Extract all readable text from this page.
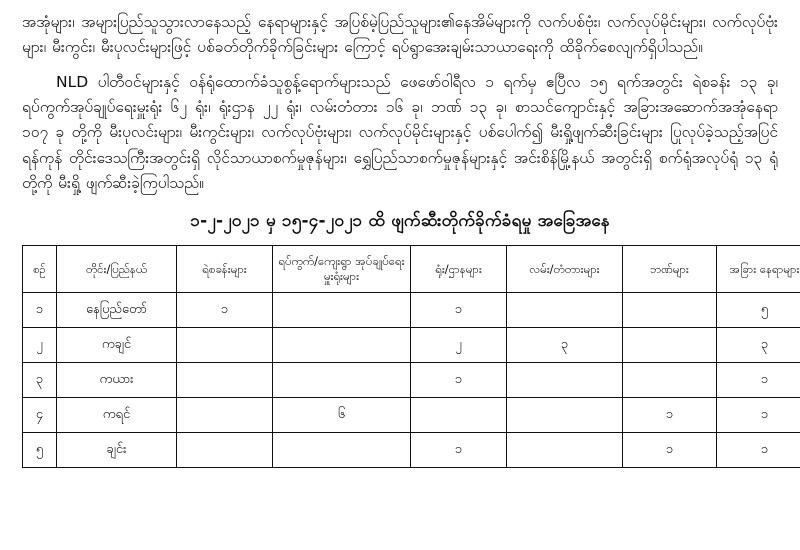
အအုံများ၊ အများပြည်သူသွားလာနေသည့် နေရာများနှင့် အပြစ်မဲ့ပြည်သူများ၏နေအိမ်များကို လက်ပစ်ဗုံး၊ လက်လုပ်မိုင်းများ၊ လက်လုပ်ဗုံးများ၊ မီးကွင်း၊ မီးပုလင်းများဖြင့် ပစ်ခတ်တိုက်ခိုက်ခြင်းများ ကြောင့် ရပ်ရွာအေးချမ်းသာယာရေးကို ထိခိုက်စေလျက်ရှိပါသည်။

NLD ပါတီဝင်များနှင့် ဝန်ရုံထောက်ခံသူစွန့်ရောက်များသည် ဖေဖော်ဝါရီလ ၁ ရက်မှ ဧပြီလ ၁၅ ရက်အတွင်း ရဲစခန်း ၁၃ ခု၊ ရပ်ကွက်အုပ်ချုပ်ရေးမှူးရုံး ၆၂ ရုံး၊ ရုံးဌာန ၂၂ ရုံး၊ လမ်းတံတား ၁၆ ခု၊ ဘဏ် ၁၃ ခု၊ စာသင်ကျောင်းနှင့် အခြားအဆောက်အအုံနေရာ ၁၀၇ ခု တို့ကို မီးပုလင်းများ၊ မီးကွင်းများ၊ လက်လုပ်ဗုံးများ၊ လက်လုပ်မိုင်းများနှင့် ပစ်ပေါက်၍ မီးရှို့ဖျက်ဆီးခြင်းများ ပြုလုပ်ခဲ့သည့်အပြင် ရန်ကုန် တိုင်းဒေသကြီးအတွင်းရှိ လိုင်သာယာစက်မှုဇုန်များ၊ ရွှေပြည်သာစက်မှုဇုန်များနှင့် အင်းစိန်မြို့နယ် အတွင်းရှိ စက်ရုံအလုပ်ရုံ ၁၃ ရုံတို့ကို မီးရှို့ ဖျက်ဆီးခဲ့ကြပါသည်။

၁-၂-၂၀၂၁ မှ ၁၅-၄-၂၀၂၁ ထိ ဖျက်ဆီးတိုက်ခိုက်ခံရမှု အခြေအနေ
စဉ်	တိုင်း/ပြည်နယ်	ရဲစခန်းများ	ရပ်ကွက်/ကျေးရွာ အုပ်ချုပ်ရေးမှူးရုံးများ	ရုံး/ဌာနများ	လမ်း/တံတားများ	ဘဏ်များ	အခြား နေရာများ
၁	နေပြည်တော်	၁		၁			၅
၂	ကချင်			၂	၃		၃
၃	ကယား			၁			၁
၄	ကရင်		၆			၁	၁
၅	ချင်း			၁		၁	၁
